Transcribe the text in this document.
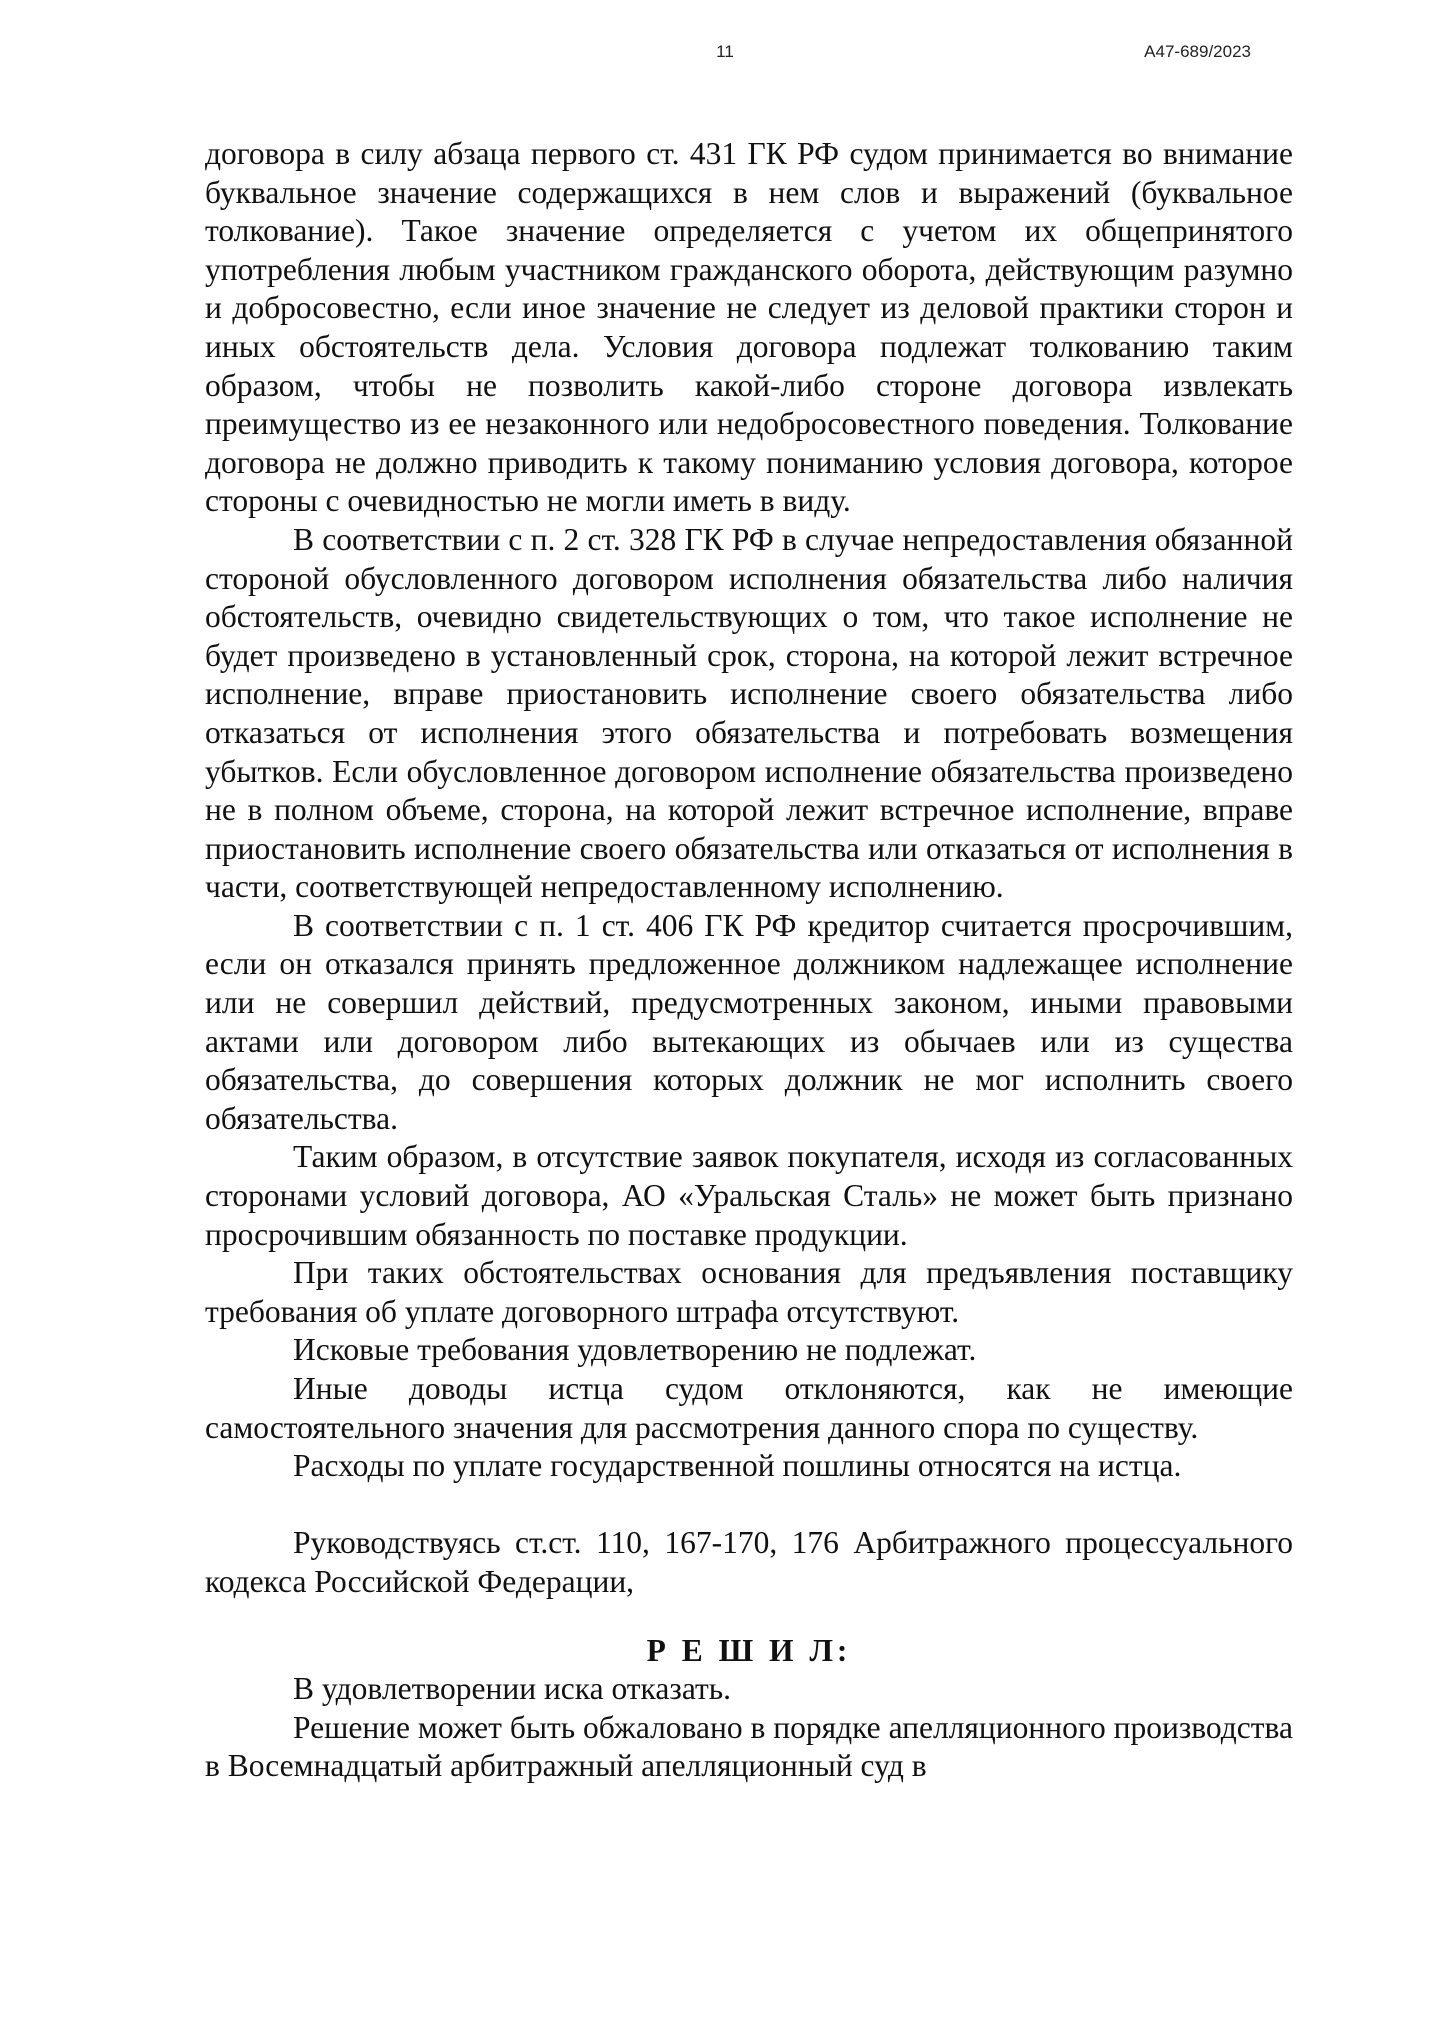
11	А47-689/2023

договора в силу абзаца первого ст. 431 ГК РФ судом принимается во внимание буквальное значение содержащихся в нем слов и выражений (буквальное толкование). Такое значение определяется с учетом их общепринятого употребления любым участником гражданского оборота, действующим разумно и добросовестно, если иное значение не следует из деловой практики сторон и иных обстоятельств дела. Условия договора подлежат толкованию таким образом, чтобы не позволить какой-либо стороне договора извлекать преимущество из ее незаконного или недобросовестного поведения. Толкование договора не должно приводить к такому пониманию условия договора, которое стороны с очевидностью не могли иметь в виду.

В соответствии с п. 2 ст. 328 ГК РФ в случае непредоставления обязанной стороной обусловленного договором исполнения обязательства либо наличия обстоятельств, очевидно свидетельствующих о том, что такое исполнение не будет произведено в установленный срок, сторона, на которой лежит встречное исполнение, вправе приостановить исполнение своего обязательства либо отказаться от исполнения этого обязательства и потребовать возмещения убытков. Если обусловленное договором исполнение обязательства произведено не в полном объеме, сторона, на которой лежит встречное исполнение, вправе приостановить исполнение своего обязательства или отказаться от исполнения в части, соответствующей непредоставленному исполнению.

В соответствии с п. 1 ст. 406 ГК РФ кредитор считается просрочившим, если он отказался принять предложенное должником надлежащее исполнение или не совершил действий, предусмотренных законом, иными правовыми актами или договором либо вытекающих из обычаев или из существа обязательства, до совершения которых должник не мог исполнить своего обязательства.

Таким образом, в отсутствие заявок покупателя, исходя из согласованных сторонами условий договора, АО «Уральская Сталь» не может быть признано просрочившим обязанность по поставке продукции.

При таких обстоятельствах основания для предъявления поставщику требования об уплате договорного штрафа отсутствуют.

Исковые требования удовлетворению не подлежат.

Иные доводы истца судом отклоняются, как не имеющие самостоятельного значения для рассмотрения данного спора по существу.

Расходы по уплате государственной пошлины относятся на истца.

Руководствуясь ст.ст. 110, 167-170, 176 Арбитражного процессуального кодекса Российской Федерации,

Р Е Ш И Л:

В удовлетворении иска отказать.

Решение может быть обжаловано в порядке апелляционного производства в Восемнадцатый арбитражный апелляционный суд в
